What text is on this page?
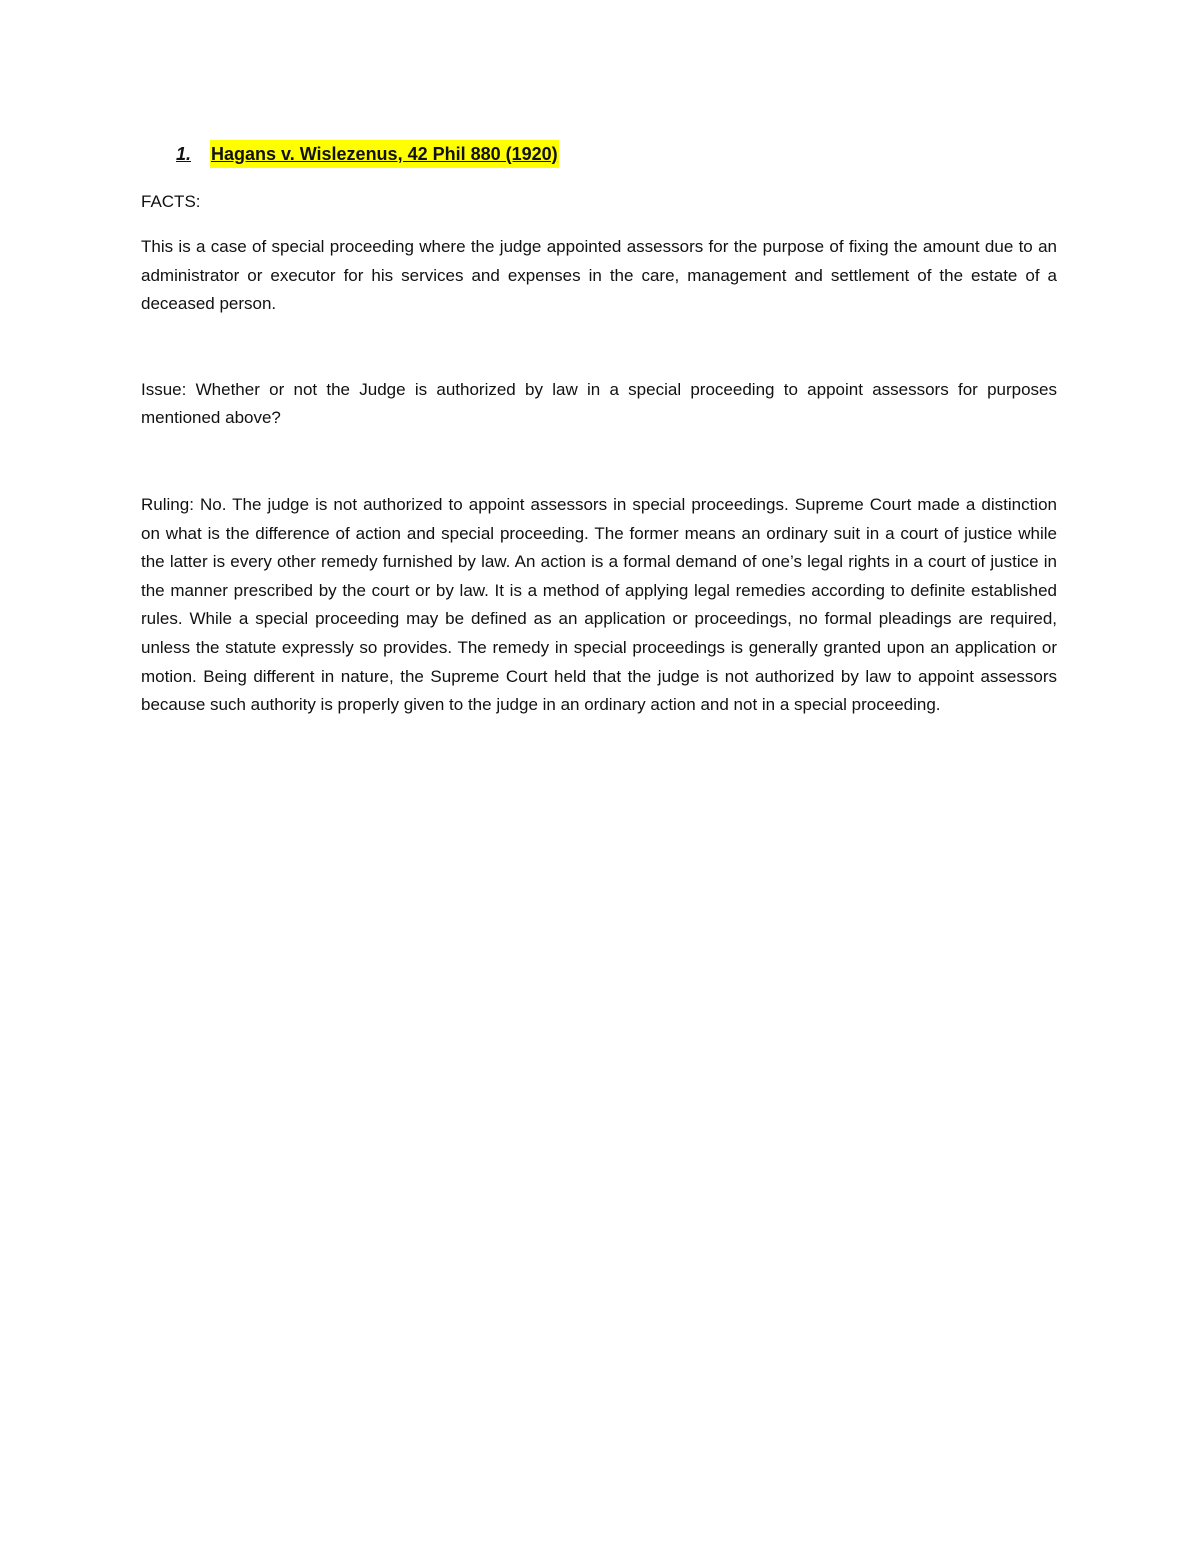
1.	Hagans v. Wislezenus, 42 Phil 880 (1920)

FACTS:

This is a case of special proceeding where the judge appointed assessors for the purpose of fixing the amount due to an administrator or executor for his services and expenses in the care, management and settlement of the estate of a deceased person.

Issue: Whether or not the Judge is authorized by law in a special proceeding to appoint assessors for purposes mentioned above?

Ruling: No. The judge is not authorized to appoint assessors in special proceedings. Supreme Court made a distinction on what is the difference of action and special proceeding. The former means an ordinary suit in a court of justice while the latter is every other remedy furnished by law. An action is a formal demand of one’s legal rights in a court of justice in the manner prescribed by the court or by law. It is a method of applying legal remedies according to definite established rules. While a special proceeding may be defined as an application or proceedings, no formal pleadings are required, unless the statute expressly so provides. The remedy in special proceedings is generally granted upon an application or motion. Being different in nature, the Supreme Court held that the judge is not authorized by law to appoint assessors because such authority is properly given to the judge in an ordinary action and not in a special proceeding.
